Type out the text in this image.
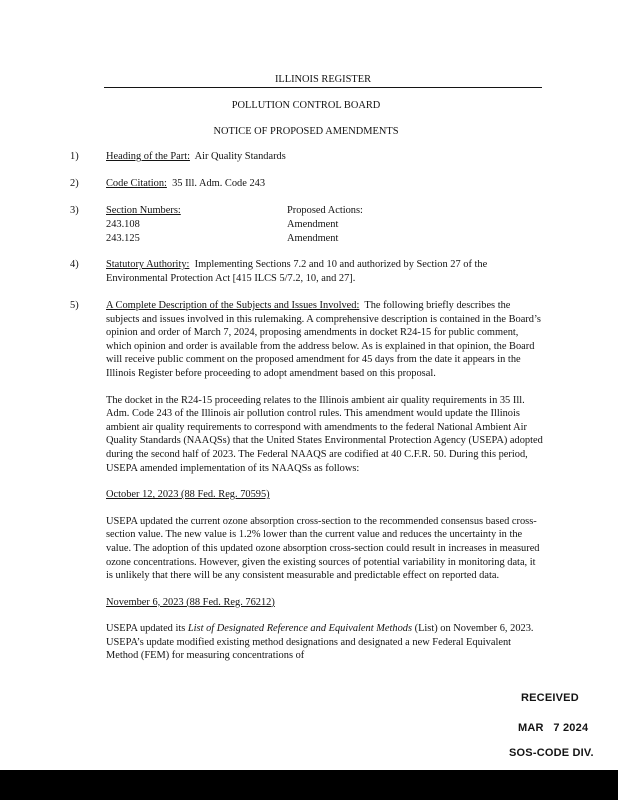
ILLINOIS REGISTER
POLLUTION CONTROL BOARD
NOTICE OF PROPOSED AMENDMENTS
1)	Heading of the Part: Air Quality Standards
2)	Code Citation: 35 Ill. Adm. Code 243
3)	Section Numbers:	Proposed Actions:
243.108	Amendment
243.125	Amendment
4)	Statutory Authority: Implementing Sections 7.2 and 10 and authorized by Section 27 of the Environmental Protection Act [415 ILCS 5/7.2, 10, and 27].
5)	A Complete Description of the Subjects and Issues Involved: The following briefly describes the subjects and issues involved in this rulemaking. A comprehensive description is contained in the Board’s opinion and order of March 7, 2024, proposing amendments in docket R24-15 for public comment, which opinion and order is available from the address below. As is explained in that opinion, the Board will receive public comment on the proposed amendment for 45 days from the date it appears in the Illinois Register before proceeding to adopt amendment based on this proposal.

The docket in the R24-15 proceeding relates to the Illinois ambient air quality requirements in 35 Ill. Adm. Code 243 of the Illinois air pollution control rules. This amendment would update the Illinois ambient air quality requirements to correspond with amendments to the federal National Ambient Air Quality Standards (NAAQSs) that the United States Environmental Protection Agency (USEPA) adopted during the second half of 2023. The Federal NAAQS are codified at 40 C.F.R. 50. During this period, USEPA amended implementation of its NAAQSs as follows:

October 12, 2023 (88 Fed. Reg. 70595)

USEPA updated the current ozone absorption cross-section to the recommended consensus based cross-section value. The new value is 1.2% lower than the current value and reduces the uncertainty in the value. The adoption of this updated ozone absorption cross-section could result in increases in measured ozone concentrations. However, given the existing sources of potential variability in monitoring data, it is unlikely that there will be any consistent measurable and predictable effect on reported data.

November 6, 2023 (88 Fed. Reg. 76212)

USEPA updated its List of Designated Reference and Equivalent Methods (List) on November 6, 2023. USEPA’s update modified existing method designations and designated a new Federal Equivalent Method (FEM) for measuring concentrations of

RECEIVED
MAR   7 2024
SOS-CODE DIV.
